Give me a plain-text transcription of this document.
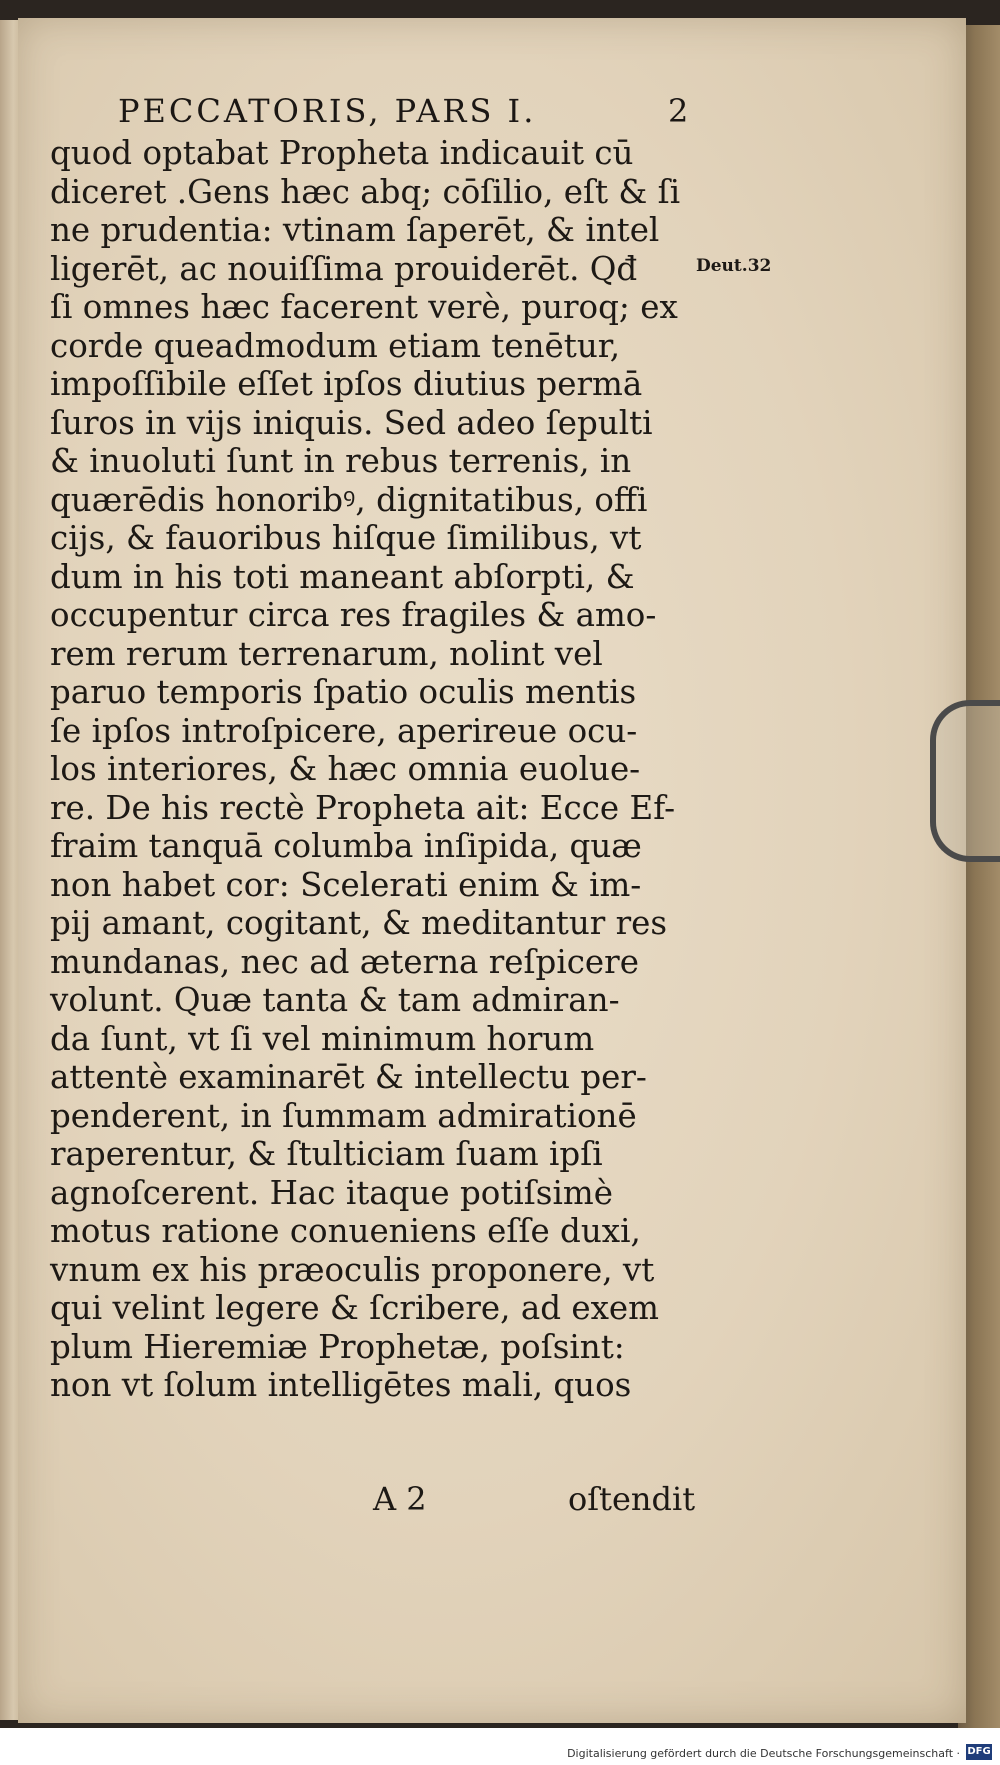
PECCATORIS, PARS I.	2
Deut.32
quod optabat Propheta indicauit cū
diceret .Gens hæc abq; cōſilio, eſt & ſi
ne prudentia: vtinam ſaperēt, & intel
ligerēt, ac nouiſſima prouiderēt. Qđ
ſi omnes hæc facerent verè, puroq; ex
corde queadmodum etiam tenētur,
impoſſibile eſſet ipſos diutius permā
ſuros in vijs iniquis. Sed adeo ſepulti
& inuoluti ſunt in rebus terrenis, in
quærēdis honoribꝰ, dignitatibus, offi
cijs, & fauoribus hiſque ſimilibus, vt
dum in his toti maneant abſorpti, &
occupentur circa res fragiles & amo-
rem rerum terrenarum, nolint vel
paruo temporis ſpatio oculis mentis
ſe ipſos introſpicere, aperireue ocu-
los interiores, & hæc omnia euolue-
re. De his rectè Propheta ait: Ecce Ef-
fraim tanquā columba inſipida, quæ
non habet cor: Scelerati enim & im-
pij amant, cogitant, & meditantur res
mundanas, nec ad æterna reſpicere
volunt. Quæ tanta & tam admiran-
da ſunt, vt ſi vel minimum horum
attentè examinarēt & intellectu per-
penderent, in ſummam admirationē
raperentur, & ſtulticiam ſuam ipſi
agnoſcerent. Hac itaque potiſsimè
motus ratione conueniens eſſe duxi,
vnum ex his præoculis proponere, vt
qui velint legere & ſcribere, ad exem
plum Hieremiæ Prophetæ, poſsint:
non vt ſolum intelligētes mali, quos
A 2	oſtendit
Digitalisierung gefördert durch die Deutsche Forschungsgemeinschaft · DFG
